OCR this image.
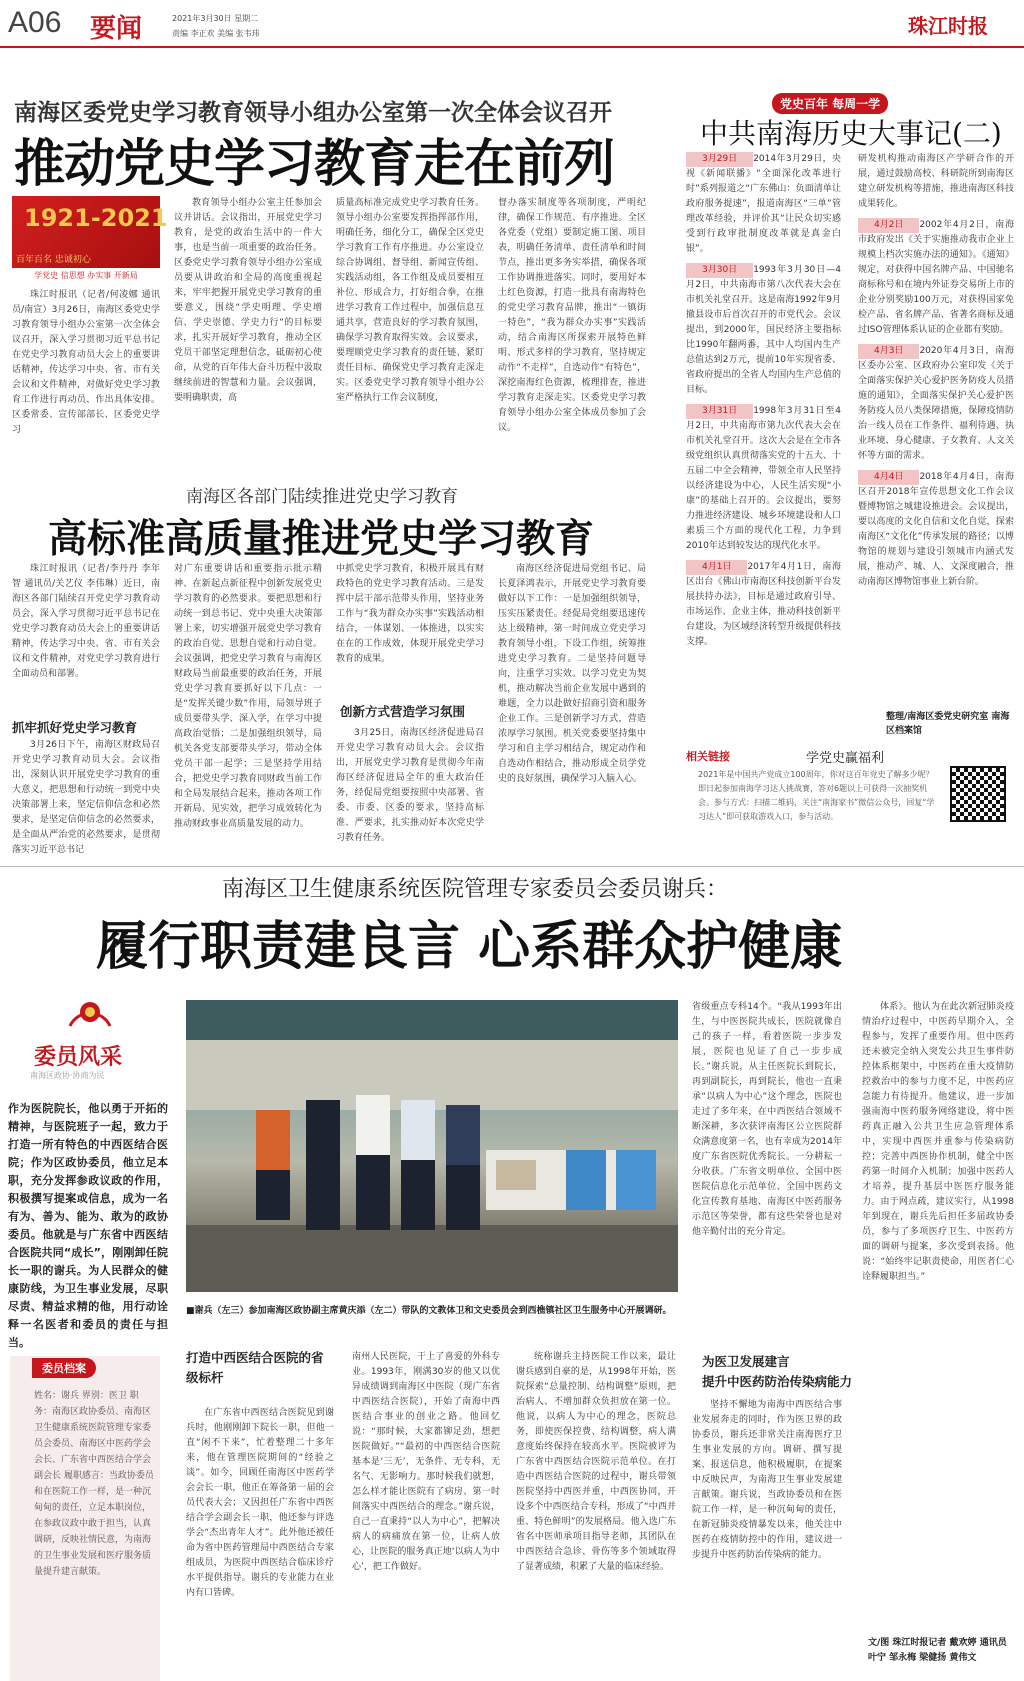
A06 要闻	2021年3月30日 星期二
责编 李正欢 美编 张韦玮	珠江时报
南海区委党史学习教育领导小组办公室第一次全体会议召开
推动党史学习教育走在前列
1921-2021
百年百名 忠诚初心
学党史 信思想 办实事 开新局
珠江时报讯（记者/何凌娜 通讯员/南宣）3月26日，南海区委党史学习教育领导小组办公室第一次全体会议召开，深入学习贯彻习近平总书记在党史学习教育动员大会上的重要讲话精神，传达学习中央、省、市有关会议和文件精神，对做好党史学习教育工作进行再动员、作出具体安排。区委常委、宣传部部长、区委党史学习
教育领导小组办公室主任参加会议并讲话。会议指出，开展党史学习教育，是党的政治生活中的一件大事，也是当前一项重要的政治任务。区委党史学习教育领导小组办公室成员要从讲政治和全局的高度重视起来，牢牢把握开展党史学习教育的重要意义，围绕“学史明理、学史增信、学史崇德、学史力行”的目标要求，扎实开展好学习教育，推动全区党员干部坚定理想信念，砥砺初心使命，从党的百年伟大奋斗历程中汲取继续前进的智慧和力量。会议强调，要明确职责，高
质量高标准完成党史学习教育任务。领导小组办公室要发挥指挥部作用，明确任务，细化分工，确保全区党史学习教育工作有序推进。办公室设立综合协调组、督导组、新闻宣传组、实践活动组，各工作组及成员要相互补位、形成合力，打好组合拳，在推进学习教育工作过程中，加强信息互通共享，营造良好的学习教育氛围，确保学习教育取得实效。会议要求，要理顺党史学习教育的责任链、紧盯责任目标、确保党史学习教育走深走实。区委党史学习教育领导小组办公室严格执行工作会议制度，
督办落实制度等各项制度，严明纪律，确保工作规范、有序推进。全区各党委（党组）要制定施工图、项目表，明确任务清单、责任清单和时间节点，推出更多务实举措，确保各项工作协调推进落实。同时，要用好本土红色资源，打造一批具有南海特色的党史学习教育品牌，推出“一镇街一特色”，“我为群众办实事”实践活动，结合南海区所探索开展特色鲜明、形式多样的学习教育，坚持规定动作“不走样”，自选动作“有特色”，深挖南海红色资源，梳理排查，推进学习教育走深走实。区委党史学习教育领导小组办公室全体成员参加了会议。
南海区各部门陆续推进党史学习教育
高标准高质量推进党史学习教育
珠江时报讯（记者/李丹丹 李年智 通讯员/关艺仪 李伟琳）近日，南海区各部门陆续召开党史学习教育动员会，深入学习贯彻习近平总书记在党史学习教育动员大会上的重要讲话精神，传达学习中央、省、市有关会议和文件精神，对党史学习教育进行全面动员和部署。
抓牢抓好党史学习教育
3月26日下午，南海区财政局召开党史学习教育动员大会。会议指出，深刻认识开展党史学习教育的重大意义，把思想和行动统一到党中央决策部署上来，坚定信仰信念和必然要求，是坚定信仰信念的必然要求，是全面从严治党的必然要求，是贯彻落实习近平总书记
对广东重要讲话和重要指示批示精神、在新起点新征程中创新发展党史学习教育的必然要求。要把思想和行动统一到总书记、党中央重大决策部署上来，切实增强开展党史学习教育的政治自觉、思想自觉和行动自觉。会议强调，把党史学习教育与南海区财政局当前最重要的政治任务，开展党史学习教育要抓好以下几点：一是“发挥关键少数”作用，局领导班子成员要带头学、深入学，在学习中提高政治觉悟；二是加强组织领导，局机关各党支部要带头学习，带动全体党员干部一起学；三是坚持学用结合，把党史学习教育同财政当前工作和全局发展结合起来，推动各项工作开新局、见实效，把学习成效转化为推动财政事业高质量发展的动力。
中抓党史学习教育，积极开展具有财政特色的党史学习教育活动。三是发挥中层干部示范带头作用，坚持业务工作与“我为群众办实事”实践活动相结合，一体谋划、一体推进，以实实在在的工作成效，体现开展党史学习教育的成果。
创新方式营造学习氛围
3月25日，南海区经济促进局召开党史学习教育动员大会。会议指出，开展党史学习教育是贯彻今年南海区经济促进局全年的重大政治任务，经促局党组要按照中央部署、省委、市委、区委的要求，坚持高标准、严要求，扎实推动好本次党史学习教育任务。
南海区经济促进局党组书记、局长夏泽鸿表示，开展党史学习教育要做好以下工作：一是加强组织领导，压实压紧责任。经促局党组要迅速传达上级精神，第一时间成立党史学习教育领导小组，下设工作组，统筹推进党史学习教育。二是坚持问题导向，注重学习实效。以学习党史为契机，推动解决当前企业发展中遇到的难题，全力以赴做好招商引资和服务企业工作。三是创新学习方式，营造浓厚学习氛围。机关党委要坚持集中学习和自主学习相结合，规定动作和自选动作相结合，推动形成全员学党史的良好氛围，确保学习入脑入心。
党史百年 每周一学
中共南海历史大事记(二)
3月29日 2014年3月29日，央视《新闻联播》“全面深化改革进行时”系列报道之“广东佛山：负面清单让政府服务提速”，报道南海区“三单”管理改革经验，并评价其“让民众切实感受到行政审批制度改革就是真金白银”。
3月30日 1993年3月30日—4月2日，中共南海市第八次代表大会在市机关礼堂召开。这是南海1992年9月撤县设市后首次召开的市党代会。会议提出，到2000年，国民经济主要指标比1990年翻两番，其中人均国内生产总值达到2万元，提前10年实现省委、省政府提出的全省人均国内生产总值的目标。
3月31日 1998年3月31日至4月2日，中共南海市第九次代表大会在市机关礼堂召开。这次大会是在全市各级党组织认真贯彻落实党的十五大、十五届二中全会精神，带领全市人民坚持以经济建设为中心，人民生活实现“小康”的基础上召开的。会议提出，要努力推进经济建设、城乡环境建设和人口素质三个方面的现代化工程，力争到2010年达到较发达的现代化水平。
4月1日 2017年4月1日，南海区出台《佛山市南海区科技创新平台发展扶持办法》，目标是通过政府引导、市场运作、企业主体，推动科技创新平台建设，为区域经济转型升级提供科技支撑。
研发机构推动南海区产学研合作的开展，通过鼓励高校、科研院所到南海区建立研发机构等措施，推进南海区科技成果转化。
4月2日 2002年4月2日，南海市政府发出《关于实施推动我市企业上规模上档次实施办法的通知》。《通知》规定，对获得中国名牌产品、中国驰名商标称号和在境内外证券交易所上市的企业分别奖励100万元，对获得国家免检产品、省名牌产品、省著名商标及通过ISO管理体系认证的企业都有奖励。
4月3日 2020年4月3日，南海区委办公室、区政府办公室印发《关于全面落实保护关心爱护医务防疫人员措施的通知》，全面落实保护关心爱护医务防疫人员八类保障措施，保障疫情防治一线人员在工作条件、福利待遇、执业环境、身心健康、子女教育、人文关怀等方面的需求。
4月4日 2018年4月4日，南海区召开2018年宣传思想文化工作会议暨博物馆之城建设推进会。会议提出，要以高度的文化自信和文化自觉，探索南海区“文化化”传承发展的路径；以博物馆的规划与建设引领城市内涵式发展，推动产、城、人、文深度融合，推动南海区博物馆事业上新台阶。
整理/南海区委党史研究室 南海区档案馆
相关链接	学党史赢福利
2021年是中国共产党成立100周年，你对这百年党史了解多少呢？即日起参加南海学习达人挑战赛，答对6题以上可获得一次抽奖机会。参与方式：扫描二维码，关注“南海家书”微信公众号，回复“学习达人”即可获取游戏入口，参与活动。
南海区卫生健康系统医院管理专家委员会委员谢兵：
履行职责建良言 心系群众护健康
委员风采
南海区政协·协商为民
作为医院院长，他以勇于开拓的精神，与医院班子一起，致力于打造一所有特色的中西医结合医院；作为区政协委员，他立足本职，充分发挥参政议政的作用，积极撰写提案或信息，成为一名有为、善为、能为、敢为的政协委员。他就是与广东省中西医结合医院共同“成长”，刚刚卸任院长一职的谢兵。为人民群众的健康防线，为卫生事业发展，尽职尽责、精益求精的他，用行动诠释一名医者和委员的责任与担当。
■谢兵（左三）参加南海区政协副主席黄庆添（左二）带队的文教体卫和文史委员会到西樵镇社区卫生服务中心开展调研。
委员档案
姓名：谢兵 界别：医卫 职务：南海区政协委员、南海区卫生健康系统医院管理专家委员会委员、南海区中医药学会会长、广东省中西医结合学会副会长 履职感言：当政协委员和在医院工作一样，是一种沉甸甸的责任，立足本职岗位，在参政议政中敢于担当，认真调研，反映社情民意，为南海的卫生事业发展和医疗服务质量提升建言献策。
打造中西医结合医院的省级标杆
在广东省中西医结合医院见到谢兵时，他刚刚卸下院长一职，但他一直“闲不下来”，忙着整理二十多年来，他在管理医院期间的“经验之谈”。如今，回顾任南海区中医药学会会长一职，他正在筹备第一届的会员代表大会；又因担任广东省中西医结合学会副会长一职，他还参与评选学会“杰出青年人才”。此外他还被任命为省中医药管理局中西医结合专家组成员，为医院中西医结合临床诊疗水平提供指导。谢兵的专业能力在业内有口皆碑。
南州人民医院，干上了喜爱的外科专业。1993年，刚满30岁的他又以优异成绩调到南海区中医院（现广东省中西医结合医院），开始了南海中西医结合事业的创业之路。他回忆说：“那时候，大家都铆足劲，想把医院做好。”“最初的中西医结合医院基本是‘三无’，无条件、无专科，无名气、无影响力。那时候我们就想，怎么样才能让医院有了病房、第一时间落实中西医结合的理念。”谢兵说，自己一直秉持“以人为中心”，把解决病人的病痛放在第一位，让病人放心，让医院的服务真正地‘以病人为中心’，把工作做好。
统称谢兵主持医院工作以来，最让谢兵感到自豪的是，从1998年开始，医院探索“总量控制、结构调整”原则，把治病人、不增加群众负担放在第一位。他说，以病人为中心的理念，医院总务，即使医保控费、结构调整，病人满意度始终保持在较高水平。医院被评为广东省中西医结合医院示范单位。在打造中西医结合医院的过程中，谢兵带领医院坚持中西医并重，中西医协同，开设多个中西医结合专科，形成了“中西并重、特色鲜明”的发展格局。他入选广东省名中医师承项目指导老师，其团队在中西医结合急诊、骨伤等多个领域取得了显著成绩，积累了大量的临床经验。
省级重点专科14个。“我从1993年出生，与中医医院共成长，医院就像自己的孩子一样，看着医院一步步发展，医院也见证了自己一步步成长。”谢兵说，从主任医院长到院长，再到副院长，再到院长，他也一直秉承“以病人为中心”这个理念，医院也走过了多年来，在中西医结合领域不断深耕，多次获评南海区公立医院群众满意度第一名，也有幸成为2014年度广东省医院优秀院长。一分耕耘一分收获。广东省文明单位、全国中医医院信息化示范单位、全国中医药文化宣传教育基地、南海区中医药服务示范区等荣誉，都有这些荣誉也是对他辛勤付出的充分肯定。
为医卫发展建言
提升中医药防治传染病能力
坚持不懈地为南海中西医结合事业发展奔走的同时，作为医卫界的政协委员，谢兵还非常关注南海医疗卫生事业发展的方向。调研、撰写提案、报送信息，他积极履职，在提案中反映民声，为南海卫生事业发展建言献策。谢兵说，当政协委员和在医院工作一样，是一种沉甸甸的责任，在新冠肺炎疫情暴发以来，他关注中医药在疫情防控中的作用，建议进一步提升中医药防治传染病的能力。
体系》。他认为在此次新冠肺炎疫情治疗过程中，中医药早期介入，全程参与，发挥了重要作用。但中医药还未被完全纳入突发公共卫生事件防控体系框架中，中医药在重大疫情防控救治中的参与力度不足，中医药应急能力有待提升。他建议，进一步加强南海中医药服务网络建设，将中医药真正融入公共卫生应急管理体系中，实现中西医并重参与传染病防控；完善中西医协作机制，健全中医药第一时间介入机制；加强中医药人才培养，提升基层中医医疗服务能力。由于网点疏，建议实行，从1998年到现在，谢兵先后担任多届政协委员，参与了多项医疗卫生、中医药方面的调研与提案，多次受到表扬。他说：“始终牢记职责使命，用医者仁心诠释履职担当。”
文/图 珠江时报记者 戴欢婷 通讯员 叶宁 邹永梅 梁健扬 黄伟文
